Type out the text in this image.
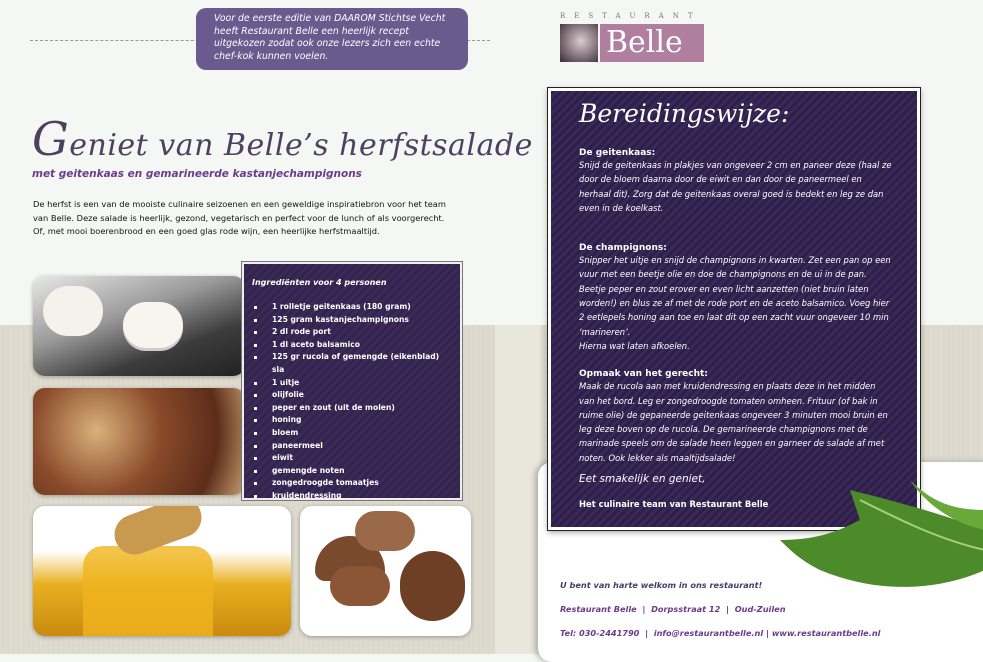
Voor de eerste editie van DAAROM Stichtse Vecht heeft Restaurant Belle een heerlijk recept uitgekozen zodat ook onze lezers zich een echte chef-kok kunnen voelen.
RESTAURANT
Belle
Geniet van Belle’s herfstsalade
met geitenkaas en gemarineerde kastanjechampignons
De herfst is een van de mooiste culinaire seizoenen en een geweldige inspiratiebron voor het team van Belle. Deze salade is heerlijk, gezond, vegetarisch en perfect voor de lunch of als voorgerecht.
Of, met mooi boerenbrood en een goed glas rode wijn, een heerlijke herfstmaaltijd.
Ingrediënten voor 4 personen
1 rolletje geitenkaas (180 gram)
125 gram kastanjechampignons
2 dl rode port
1 dl aceto balsamico
125 gr rucola of gemengde (eikenblad) sla
1 uitje
olijfolie
peper en zout (uit de molen)
honing
bloem
paneermeel
eiwit
gemengde noten
zongedroogde tomaatjes
kruidendressing
Bereidingswijze:
De geitenkaas:

Snijd de geitenkaas in plakjes van ongeveer 2 cm en paneer deze (haal ze door de bloem daarna door de eiwit en dan door de paneermeel en herhaal dit). Zorg dat de geitenkaas overal goed is bedekt en leg ze dan even in de koelkast.

De champignons:

Snipper het uitje en snijd de champignons in kwarten. Zet een pan op een vuur met een beetje olie en doe de champignons en de ui in de pan. Beetje peper en zout erover en even licht aanzetten (niet bruin laten worden!) en blus ze af met de rode port en de aceto balsamico. Voeg hier 2 eetlepels honing aan toe en laat dit op een zacht vuur ongeveer 10 min ‘marineren’.

Hierna wat laten afkoelen.

Opmaak van het gerecht:

Maak de rucola aan met kruidendressing en plaats deze in het midden van het bord. Leg er zongedroogde tomaten omheen. Frituur (of bak in ruime olie) de gepaneerde geitenkaas ongeveer 3 minuten mooi bruin en leg deze boven op de rucola. De gemarineerde champignons met de marinade speels om de salade heen leggen en garneer de salade af met noten. Ook lekker als maaltijdsalade!

Eet smakelijk en geniet,
Het culinaire team van Restaurant Belle
U bent van harte welkom in ons restaurant!
Restaurant Belle  |  Dorpsstraat 12  |  Oud-Zuilen
Tel: 030-2441790  |  info@restaurantbelle.nl | www.restaurantbelle.nl
